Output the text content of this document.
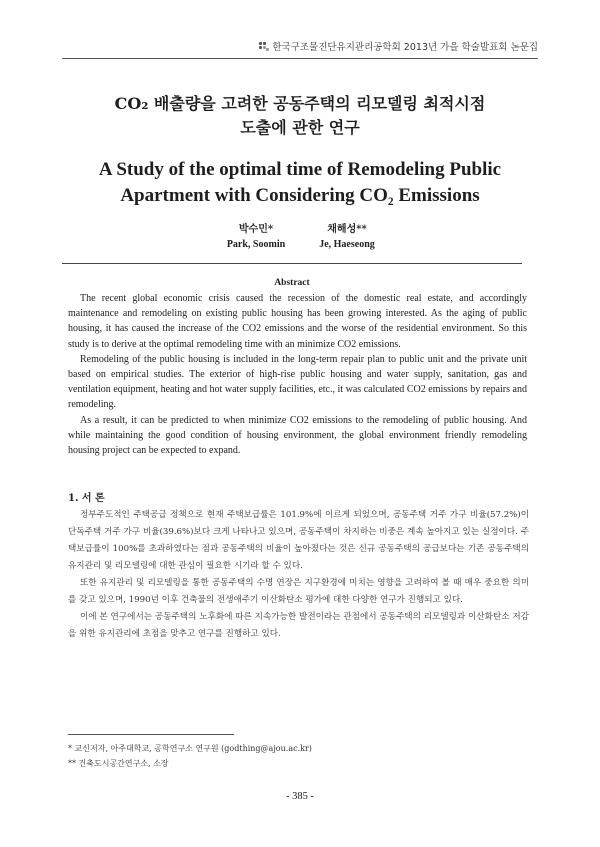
한국구조물진단유지관리공학회 2013년 가을 학술발표회 논문집
CO₂ 배출량을 고려한 공동주택의 리모델링 최적시점
도출에 관한 연구
A Study of the optimal time of Remodeling Public
Apartment with Considering CO₂ Emissions
박수민*
Park, Soomin
채해성**
Je, Haeseong
Abstract

The recent global economic crisis caused the recession of the domestic real estate, and accordingly maintenance and remodeling on existing public housing has been growing interested. As the aging of public housing, it has caused the increase of the CO2 emissions and the worse of the residential environment. So this study is to derive at the optimal remodeling time with an minimize CO2 emissions.

Remodeling of the public housing is included in the long-term repair plan to public unit and the private unit based on empirical studies. The exterior of high-rise public housing and water supply, sanitation, gas and ventilation equipment, heating and hot water supply facilities, etc., it was calculated CO2 emissions by repairs and remodeling.

As a result, it can be predicted to when minimize CO2 emissions to the remodeling of public housing. And while maintaining the good condition of housing environment, the global environment friendly remodeling housing project can be expected to expand.

1. 서 론

정부주도적인 주택공급 정책으로 현재 주택보급률은 101.9%에 이르게 되었으며, 공동주택 거주 가구 비율(57.2%)이 단독주택 거주 가구 비율(39.6%)보다 크게 나타나고 있으며, 공동주택이 차지하는 비중은 계속 높아지고 있는 실정이다. 주택보급률이 100%를 초과하였다는 점과 공동주택의 비율이 높아졌다는 것은 신규 공동주택의 공급보다는 기존 공동주택의 유지관리 및 리모델링에 대한 관심이 필요한 시기라 할 수 있다.

또한 유지관리 및 리모델링을 통한 공동주택의 수명 연장은 지구환경에 미치는 영향을 고려하여 볼 때 매우 중요한 의미를 갖고 있으며, 1990년 이후 건축물의 전생애주기 이산화탄소 평가에 대한 다양한 연구가 진행되고 있다.

이에 본 연구에서는 공동주택의 노후화에 따른 지속가능한 발전이라는 관점에서 공동주택의 리모델링과 이산화탄소 저감을 위한 유지관리에 초점을 맞추고 연구를 진행하고 있다.

* 교신저자, 아주대학교, 공학연구소 연구원 (godthing@ajou.ac.kr)
** 건축도시공간연구소, 소장
- 385 -
